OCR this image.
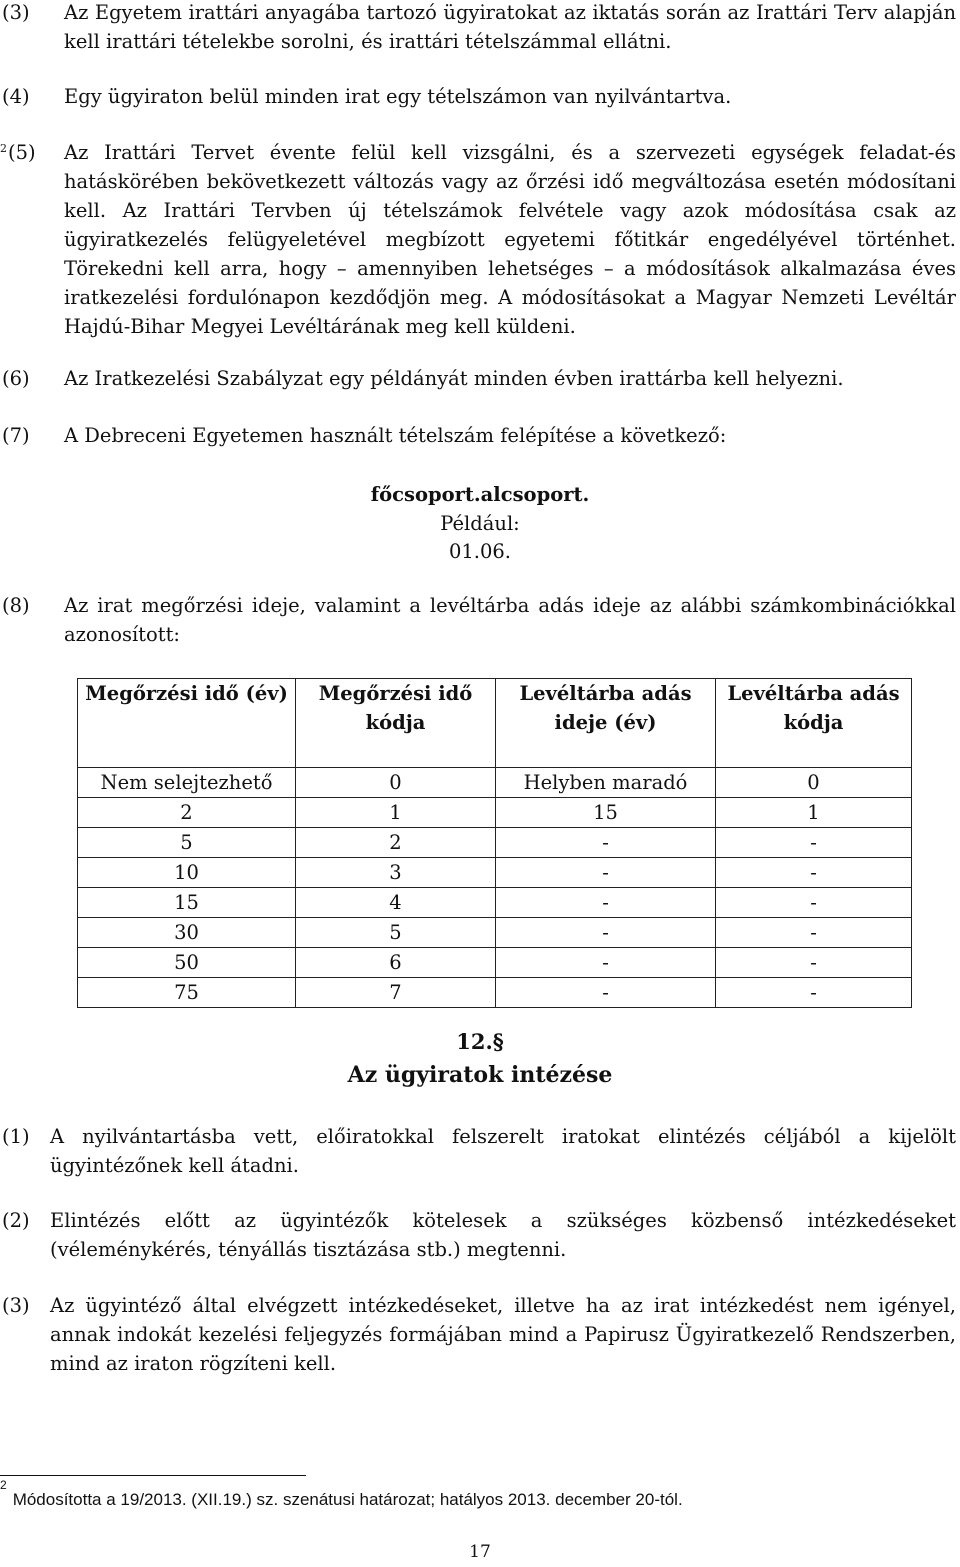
(3) Az Egyetem irattári anyagába tartozó ügyiratokat az iktatás során az Irattári Terv alapján kell irattári tételekbe sorolni, és irattári tételszámmal ellátni.
(4) Egy ügyiraton belül minden irat egy tételszámon van nyilvántartva.
$^2$(5) Az Irattári Tervet évente felül kell vizsgálni, és a szervezeti egységek feladat-és hatáskörében bekövetkezett változás vagy az őrzési idő megváltozása esetén módosítani kell. Az Irattári Tervben új tételszámok felvétele vagy azok módosítása csak az ügyiratkezelés felügyeletével megbízott egyetemi főtitkár engedélyével történhet. Törekedni kell arra, hogy – amennyiben lehetséges – a módosítások alkalmazása éves iratkezelési fordulónapon kezdődjön meg. A módosításokat a Magyar Nemzeti Levéltár Hajdú-Bihar Megyei Levéltárának meg kell küldeni.
(6) Az Iratkezelési Szabályzat egy példányát minden évben irattárba kell helyezni.
(7) A Debreceni Egyetemen használt tételszám felépítése a következő:
főcsoport.alcsoport.
Például:
01.06.
(8) Az irat megőrzési ideje, valamint a levéltárba adás ideje az alábbi számkombinációkkal azonosított:
Megőrzési idő (év)	Megőrzési idő kódja	Levéltárba adás ideje (év)	Levéltárba adás kódja
Nem selejtezhető	0	Helyben maradó	0
2	1	15	1
5	2	-	-
10	3	-	-
15	4	-	-
30	5	-	-
50	6	-	-
75	7	-	-
12.§
Az ügyiratok intézése
(1) A nyilvántartásba vett, előiratokkal felszerelt iratokat elintézés céljából a kijelölt ügyintézőnek kell átadni.
(2) Elintézés előtt az ügyintézők kötelesek a szükséges közbenső intézkedéseket (véleménykérés, tényállás tisztázása stb.) megtenni.
(3) Az ügyintéző által elvégzett intézkedéseket, illetve ha az irat intézkedést nem igényel, annak indokát kezelési feljegyzés formájában mind a Papirusz Ügyiratkezelő Rendszerben, mind az iraton rögzíteni kell.
$^2$Módosította a 19/2013. (XII.19.) sz. szenátusi határozat; hatályos 2013. december 20-tól.
17
